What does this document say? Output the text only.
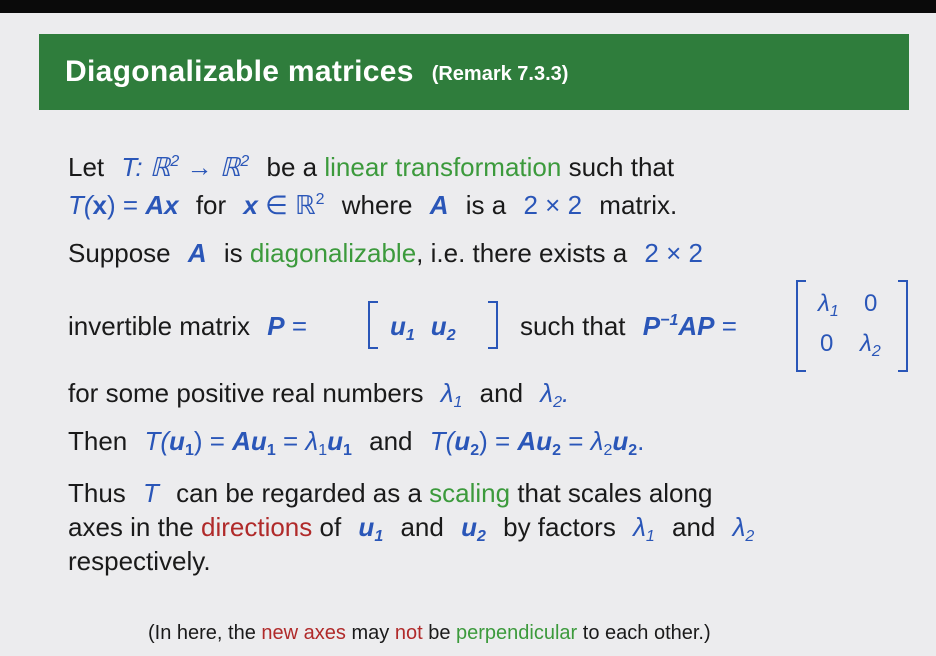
Diagonalizable matrices (Remark 7.3.3)
Let T: ℝ$^2$ → ℝ$^2$ be a linear transformation such that
T(x) = Ax for x ∈ ℝ$^2$ where A is a 2 × 2 matrix.
Suppose A is diagonalizable, i.e. there exists a 2 × 2
invertible matrix P =	$u_1$ $u_2$ such that $P^{-1}AP$ =
$\lambda_1$ 0
0 $\lambda_2$
for some positive real numbers $\lambda_1$ and $\lambda_2$.
Then $T(u_1) = Au_1 = \lambda_1u_1$ and $T(u_2) = Au_2 = \lambda_2u_2$.
Thus T can be regarded as a scaling that scales along
axes in the directions of $u_1$ and $u_2$ by factors $\lambda_1$ and $\lambda_2$
respectively.
(In here, the new axes may not be perpendicular to each other.)
